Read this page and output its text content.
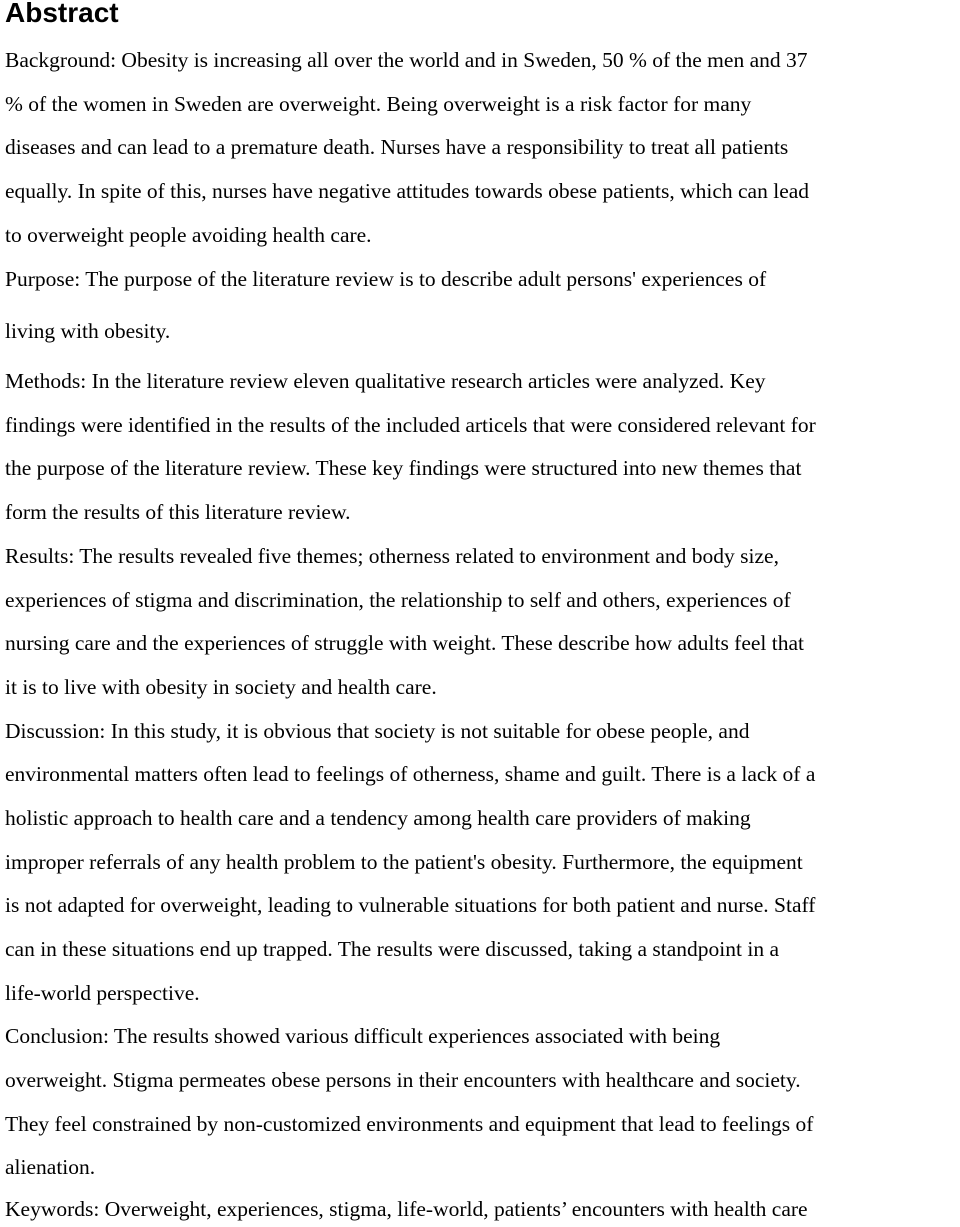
Abstract

Background: Obesity is increasing all over the world and in Sweden, 50 % of the men and 37

% of the women in Sweden are overweight. Being overweight is a risk factor for many

diseases and can lead to a premature death. Nurses have a responsibility to treat all patients

equally. In spite of this, nurses have negative attitudes towards obese patients, which can lead

to overweight people avoiding health care.

Purpose: The purpose of the literature review is to describe adult persons' experiences of

living with obesity.

Methods: In the literature review eleven qualitative research articles were analyzed. Key

findings were identified in the results of the included articels that were considered relevant for

the purpose of the literature review. These key findings were structured into new themes that

form the results of this literature review.

Results: The results revealed five themes; otherness related to environment and body size,

experiences of stigma and discrimination, the relationship to self and others, experiences of

nursing care and the experiences of struggle with weight. These describe how adults feel that

it is to live with obesity in society and health care.

Discussion: In this study, it is obvious that society is not suitable for obese people, and

environmental matters often lead to feelings of otherness, shame and guilt. There is a lack of a

holistic approach to health care and a tendency among health care providers of making

improper referrals of any health problem to the patient's obesity. Furthermore, the equipment

is not adapted for overweight, leading to vulnerable situations for both patient and nurse. Staff

can in these situations end up trapped. The results were discussed, taking a standpoint in a

life-world perspective.

Conclusion: The results showed various difficult experiences associated with being

overweight. Stigma permeates obese persons in their encounters with healthcare and society.

They feel constrained by non-customized environments and equipment that lead to feelings of

alienation.

Keywords: Overweight, experiences, stigma, life-world, patients’ encounters with health care
